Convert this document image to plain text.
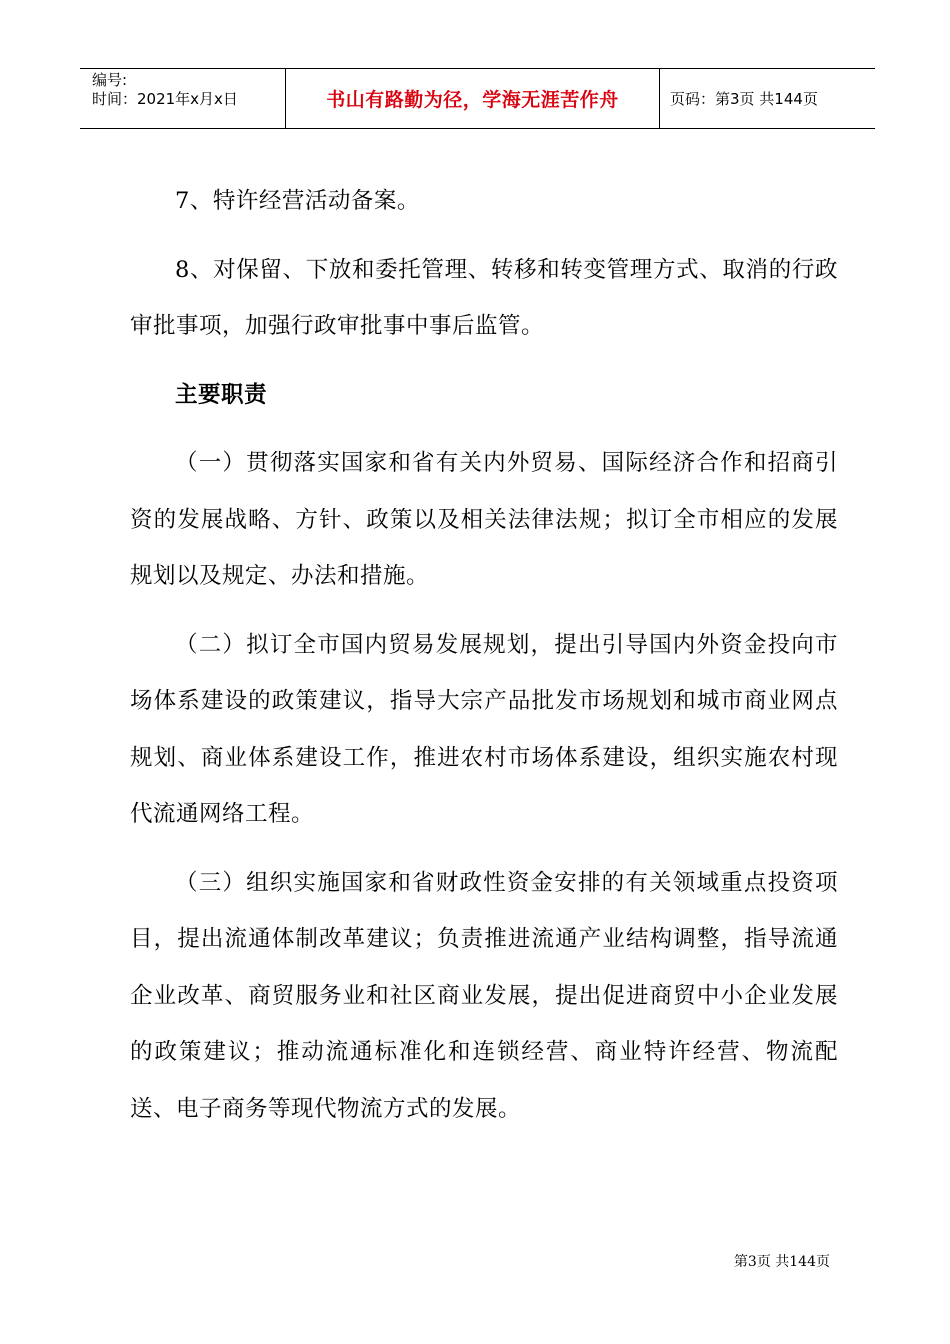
编号:
时间：2021年x月x日	书山有路勤为径，学海无涯苦作舟	页码：第3页 共144页

7、特许经营活动备案。

8、对保留、下放和委托管理、转移和转变管理方式、取消的行政审批事项，加强行政审批事中事后监管。

主要职责

（一）贯彻落实国家和省有关内外贸易、国际经济合作和招商引资的发展战略、方针、政策以及相关法律法规；拟订全市相应的发展规划以及规定、办法和措施。

（二）拟订全市国内贸易发展规划，提出引导国内外资金投向市场体系建设的政策建议，指导大宗产品批发市场规划和城市商业网点规划、商业体系建设工作，推进农村市场体系建设，组织实施农村现代流通网络工程。

（三）组织实施国家和省财政性资金安排的有关领域重点投资项目，提出流通体制改革建议；负责推进流通产业结构调整，指导流通企业改革、商贸服务业和社区商业发展，提出促进商贸中小企业发展的政策建议；推动流通标准化和连锁经营、商业特许经营、物流配送、电子商务等现代物流方式的发展。

第3页 共144页
